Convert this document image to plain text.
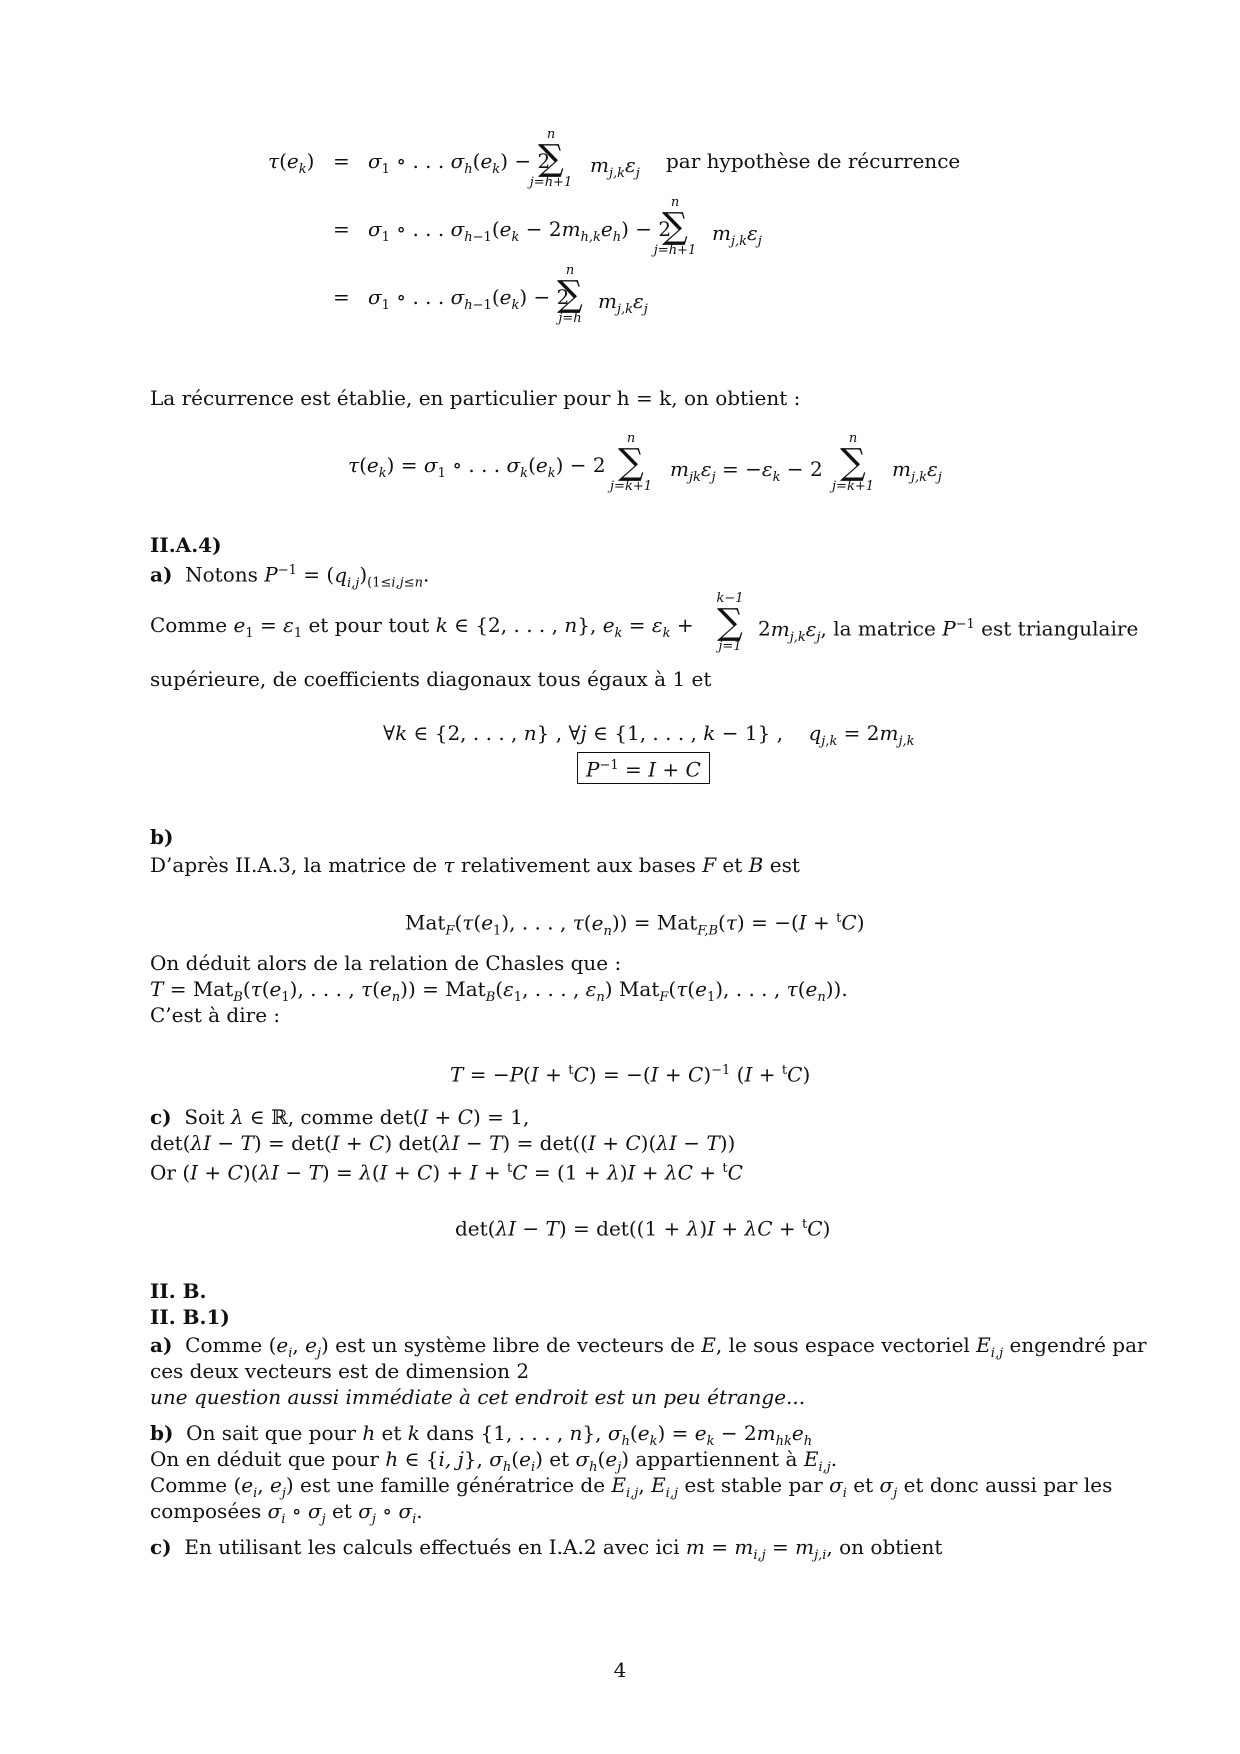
$\tau(e_k) = \sigma_1$ ∘ . . . $\sigma_h(e_k) - 2$
n
∑
j=h+1
$m_{j,k}\varepsilon_j$
par hypothèse de récurrence
= $\sigma_1$ ∘ . . . $\sigma_{h-1}(e_k - 2m_{h,k}e_h) - 2$
n
∑
j=h+1
$m_{j,k}\varepsilon_j$
= $\sigma_1$ ∘ . . . $\sigma_{h-1}(e_k) - 2$
n
∑
j=h
$m_{j,k}\varepsilon_j$
La récurrence est établie, en particulier pour h = k, on obtient :
$\tau(e_k) = \sigma_1$ ∘ . . . $\sigma_k(e_k) - 2$
n
∑
j=k+1
$m_{jk}\varepsilon_j = -\varepsilon_k - 2$
n
∑
j=k+1
$m_{j,k}\varepsilon_j$
II.A.4)
a)  Notons $P^{-1} = (q_{i,j})_{(1\le i,j\le n}$.
Comme $e_1 = \varepsilon_1$ et pour tout k ∈ {2, . . . , n}, $e_k = \varepsilon_k$ +
k−1
∑
j=1
$2m_{j,k}\varepsilon_j$, la matrice $P^{-1}$ est triangulaire
supérieure, de coefficients diagonaux tous égaux à 1 et
∀k ∈ {2, . . . , n} , ∀j ∈ {1, . . . , k − 1} ,    $q_{j,k} = 2m_{j,k}$
$P^{-1} = I + C$
b)
D’après II.A.3, la matrice de τ relativement aux bases F et B est
$Mat_F(\tau(e_1)$, . . . , $\tau(e_n)) = Mat_{F,B}(\tau) = -(I + ^tC)$
On déduit alors de la relation de Chasles que :
$T = Mat_B(\tau(e_1)$, . . . , $\tau(e_n)) = Mat_B(\varepsilon_1$, . . . , $\varepsilon_n$) $Mat_F(\tau(e_1)$, . . . , $\tau(e_n)$).
C’est à dire :
$T = -P(I + ^tC) = -(I + C)^{-1}$ (I + $^t$C)
c)  Soit λ ∈ ℝ, comme det(I + C) = 1,
det(λI − T) = det(I + C) det(λI − T) = det((I + C)(λI − T))
Or (I + C)(λI − T) = λ(I + C) + I + $^t$C = (1 + λ)I + λC + $^t$C
det(λI − T) = det((1 + λ)I + λC + $^t$C)
II. B.
II. B.1)
a)  Comme ($e_i$, $e_j$) est un système libre de vecteurs de E, le sous espace vectoriel $E_{i,j}$ engendré par
ces deux vecteurs est de dimension 2
une question aussi immédiate à cet endroit est un peu étrange...
b)  On sait que pour h et k dans {1, . . . , n}, $\sigma_h(e_k) = e_k - 2m_{hk}e_h$
On en déduit que pour h ∈ {i, j}, $\sigma_h(e_i)$ et $\sigma_h(e_j)$ appartiennent à $E_{i,j}$.
Comme ($e_i$, $e_j$) est une famille génératrice de $E_{i,j}$, $E_{i,j}$ est stable par $\sigma_i$ et $\sigma_j$ et donc aussi par les
composées $\sigma_i$ ∘ $\sigma_j$ et $\sigma_j$ ∘ $\sigma_i$.
c)  En utilisant les calculs effectués en I.A.2 avec ici $m = m_{i,j} = m_{j,i}$, on obtient
4
